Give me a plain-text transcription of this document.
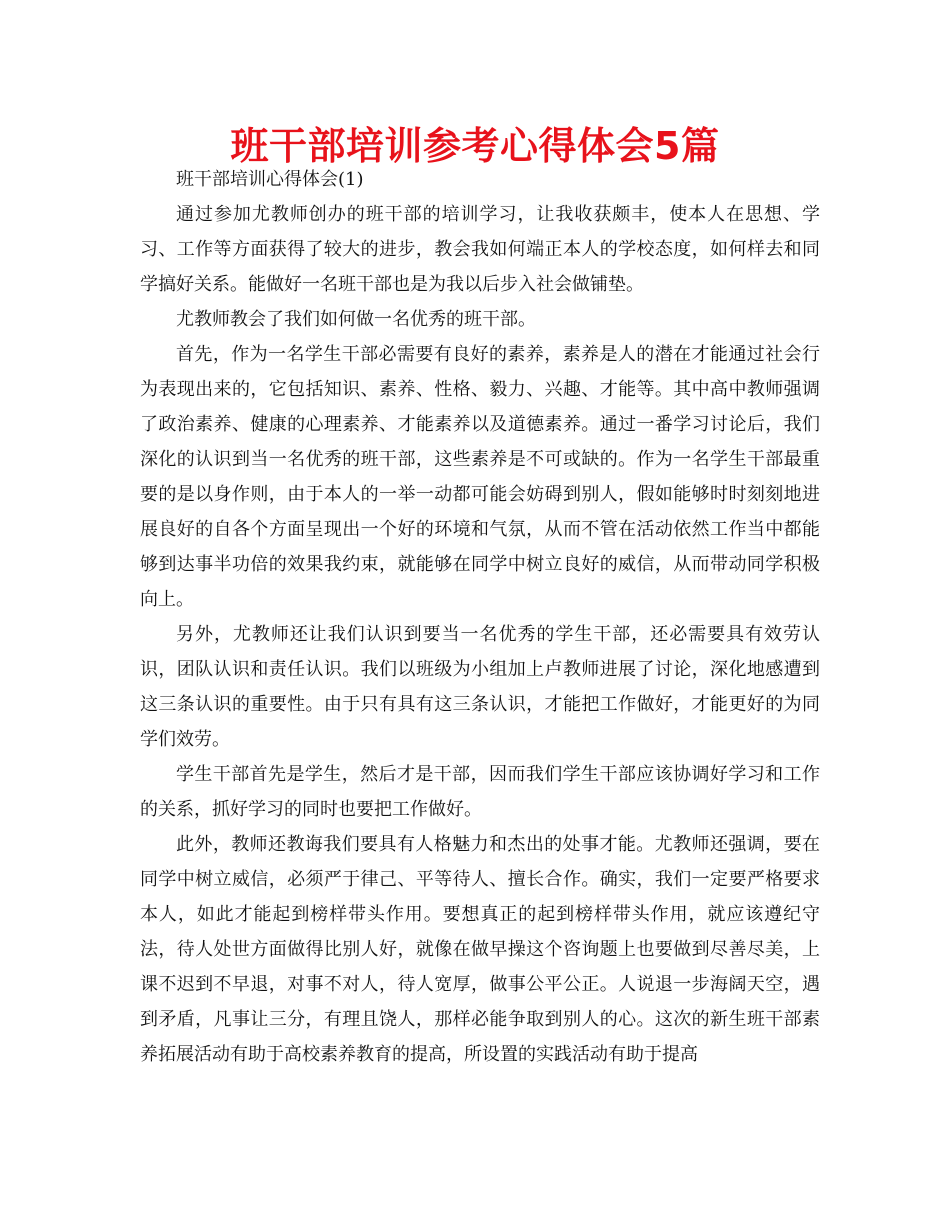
班干部培训参考心得体会5篇

班干部培训心得体会(1)

通过参加尤教师创办的班干部的培训学习，让我收获颇丰，使本人在思想、学习、工作等方面获得了较大的进步，教会我如何端正本人的学校态度，如何样去和同学搞好关系。能做好一名班干部也是为我以后步入社会做铺垫。

尤教师教会了我们如何做一名优秀的班干部。

首先，作为一名学生干部必需要有良好的素养，素养是人的潜在才能通过社会行为表现出来的，它包括知识、素养、性格、毅力、兴趣、才能等。其中高中教师强调了政治素养、健康的心理素养、才能素养以及道德素养。通过一番学习讨论后，我们深化的认识到当一名优秀的班干部，这些素养是不可或缺的。作为一名学生干部最重要的是以身作则，由于本人的一举一动都可能会妨碍到别人，假如能够时时刻刻地进展良好的自各个方面呈现出一个好的环境和气氛，从而不管在活动依然工作当中都能够到达事半功倍的效果我约束，就能够在同学中树立良好的威信，从而带动同学积极向上。

另外，尤教师还让我们认识到要当一名优秀的学生干部，还必需要具有效劳认识，团队认识和责任认识。我们以班级为小组加上卢教师进展了讨论，深化地感遭到这三条认识的重要性。由于只有具有这三条认识，才能把工作做好，才能更好的为同学们效劳。

学生干部首先是学生，然后才是干部，因而我们学生干部应该协调好学习和工作的关系，抓好学习的同时也要把工作做好。

此外，教师还教诲我们要具有人格魅力和杰出的处事才能。尤教师还强调，要在同学中树立威信，必须严于律己、平等待人、擅长合作。确实，我们一定要严格要求本人，如此才能起到榜样带头作用。要想真正的起到榜样带头作用，就应该遵纪守法，待人处世方面做得比别人好，就像在做早操这个咨询题上也要做到尽善尽美，上课不迟到不早退，对事不对人，待人宽厚，做事公平公正。人说退一步海阔天空，遇到矛盾，凡事让三分，有理且饶人，那样必能争取到别人的心。这次的新生班干部素养拓展活动有助于高校素养教育的提高，所设置的实践活动有助于提高
